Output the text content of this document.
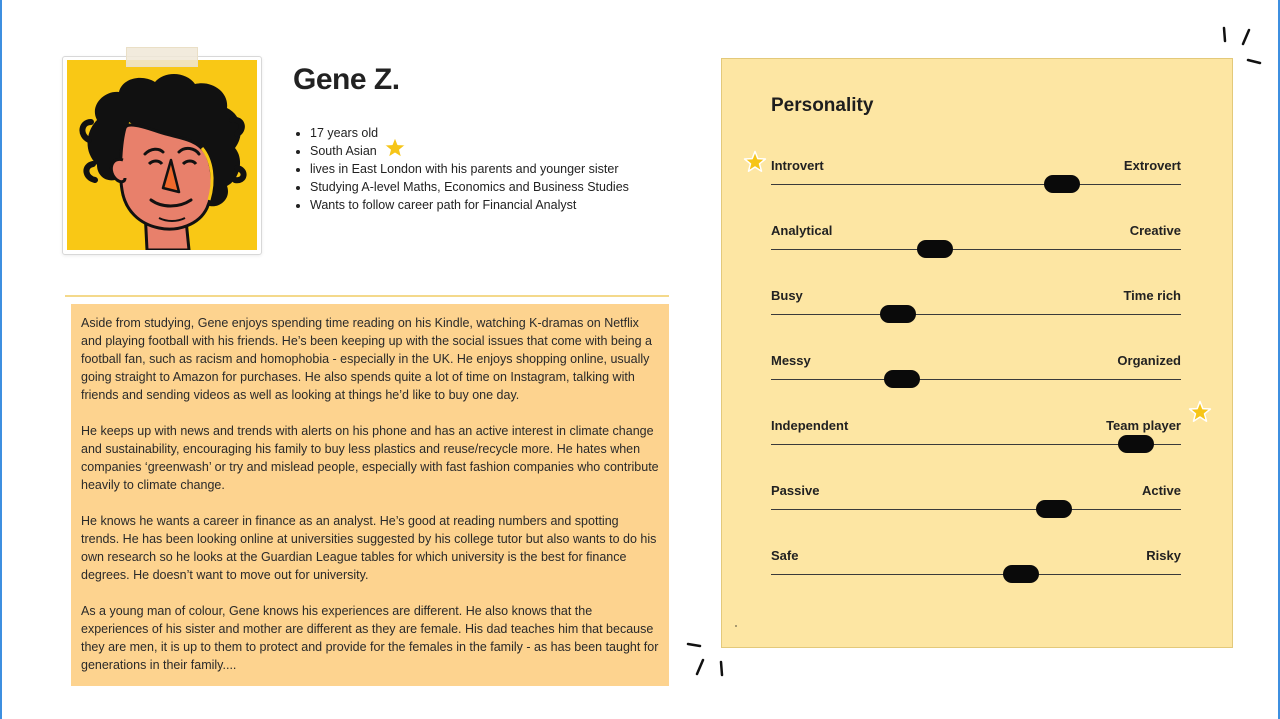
Gene Z.
• 17 years old
• South Asian
• lives in East London with his parents and younger sister
• Studying A-level Maths, Economics and Business Studies
• Wants to follow career path for Financial Analyst

Aside from studying, Gene enjoys spending time reading on his Kindle, watching K-dramas on Netflix and playing football with his friends. He’s been keeping up with the social issues that come with being a football fan, such as racism and homophobia - especially in the UK. He enjoys shopping online, usually going straight to Amazon for purchases. He also spends quite a lot of time on Instagram, talking with friends and sending videos as well as looking at things he’d like to buy one day.

He keeps up with news and trends with alerts on his phone and has an active interest in climate change and sustainability, encouraging his family to buy less plastics and reuse/recycle more. He hates when companies ‘greenwash’ or try and mislead people, especially with fast fashion companies who contribute heavily to climate change.

He knows he wants a career in finance as an analyst. He’s good at reading numbers and spotting trends. He has been looking online at universities suggested by his college tutor but also wants to do his own research so he looks at the Guardian League tables for which university is the best for finance degrees. He doesn’t want to move out for university.

As a young man of colour, Gene knows his experiences are different. He also knows that the experiences of his sister and mother are different as they are female. His dad teaches him that because they are men, it is up to them to protect and provide for the females in the family - as has been taught for generations in their family....

Personality
Introvert	Extrovert
Analytical	Creative
Busy	Time rich
Messy	Organized
Independent	Team player
Passive	Active
Safe	Risky
